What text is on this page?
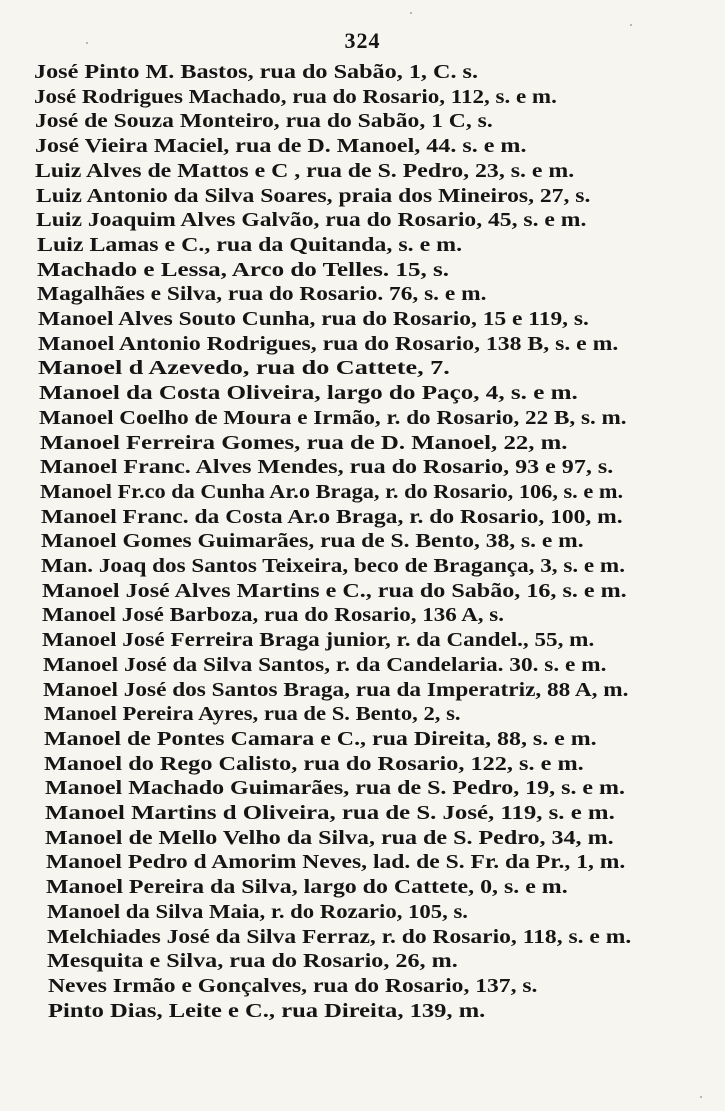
324
José Pinto M. Bastos, rua do Sabão, 1, C. s.
José Rodrigues Machado, rua do Rosario, 112, s. e m.
José de Souza Monteiro, rua do Sabão, 1 C, s.
José Vieira Maciel, rua de D. Manoel, 44. s. e m.
Luiz Alves de Mattos e C , rua de S. Pedro, 23, s. e m.
Luiz Antonio da Silva Soares, praia dos Mineiros, 27, s.
Luiz Joaquim Alves Galvão, rua do Rosario, 45, s. e m.
Luiz Lamas e C., rua da Quitanda, s. e m.
Machado e Lessa, Arco do Telles. 15, s.
Magalhães e Silva, rua do Rosario. 76, s. e m.
Manoel Alves Souto Cunha, rua do Rosario, 15 e 119, s.
Manoel Antonio Rodrigues, rua do Rosario, 138 B, s. e m.
Manoel d Azevedo, rua do Cattete, 7.
Manoel da Costa Oliveira, largo do Paço, 4, s. e m.
Manoel Coelho de Moura e Irmão, r. do Rosario, 22 B, s. m.
Manoel Ferreira Gomes, rua de D. Manoel, 22, m.
Manoel Franc. Alves Mendes, rua do Rosario, 93 e 97, s.
Manoel Fr.co da Cunha Ar.o Braga, r. do Rosario, 106, s. e m.
Manoel Franc. da Costa Ar.o Braga, r. do Rosario, 100, m.
Manoel Gomes Guimarães, rua de S. Bento, 38, s. e m.
Man. Joaq dos Santos Teixeira, beco de Bragança, 3, s. e m.
Manoel José Alves Martins e C., rua do Sabão, 16, s. e m.
Manoel José Barboza, rua do Rosario, 136 A, s.
Manoel José Ferreira Braga junior, r. da Candel., 55, m.
Manoel José da Silva Santos, r. da Candelaria. 30. s. e m.
Manoel José dos Santos Braga, rua da Imperatriz, 88 A, m.
Manoel Pereira Ayres, rua de S. Bento, 2, s.
Manoel de Pontes Camara e C., rua Direita, 88, s. e m.
Manoel do Rego Calisto, rua do Rosario, 122, s. e m.
Manoel Machado Guimarães, rua de S. Pedro, 19, s. e m.
Manoel Martins d Oliveira, rua de S. José, 119, s. e m.
Manoel de Mello Velho da Silva, rua de S. Pedro, 34, m.
Manoel Pedro d Amorim Neves, lad. de S. Fr. da Pr., 1, m.
Manoel Pereira da Silva, largo do Cattete, 0, s. e m.
Manoel da Silva Maia, r. do Rozario, 105, s.
Melchiades José da Silva Ferraz, r. do Rosario, 118, s. e m.
Mesquita e Silva, rua do Rosario, 26, m.
Neves Irmão e Gonçalves, rua do Rosario, 137, s.
Pinto Dias, Leite e C., rua Direita, 139, m.
